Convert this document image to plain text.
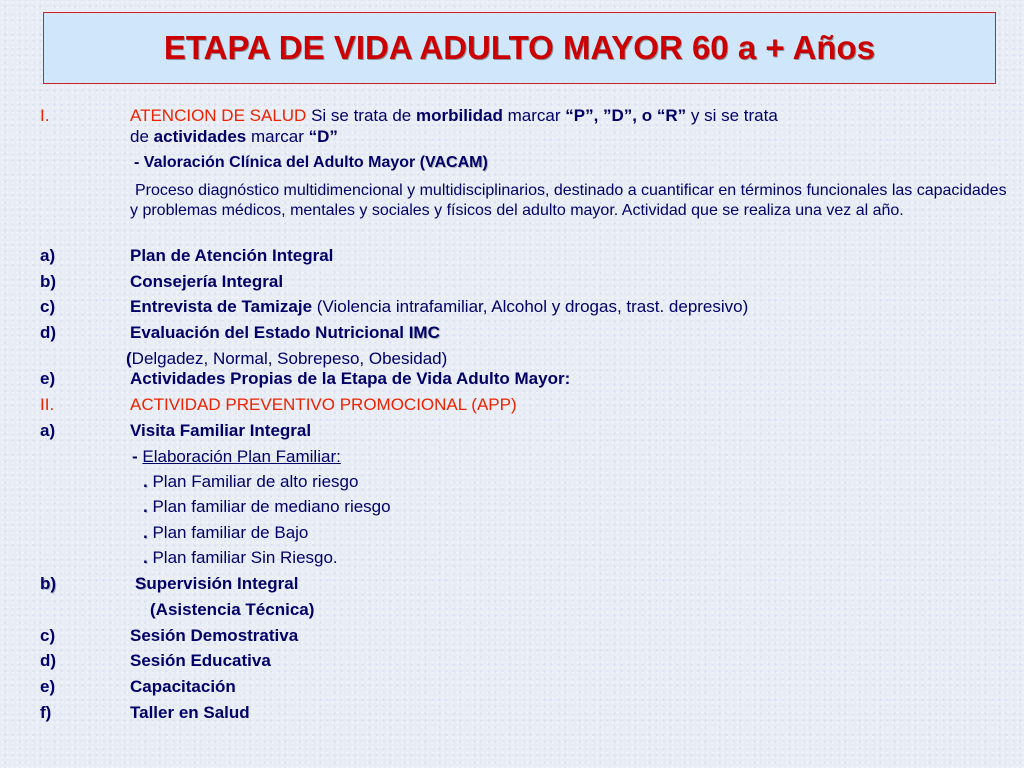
ETAPA DE VIDA ADULTO MAYOR 60 a + Años
I.	ATENCION DE SALUD Si se trata de morbilidad marcar “P”, ”D”, o “R” y si se trata
de actividades marcar “D”
- Valoración Clínica del Adulto Mayor (VACAM)
Proceso diagnóstico multidimencional y multidisciplinarios, destinado a cuantificar en términos funcionales las capacidades y problemas médicos, mentales y sociales y físicos del adulto mayor. Actividad que se realiza una vez al año.
a)	Plan de Atención Integral
b)	Consejería Integral
c)	Entrevista de Tamizaje (Violencia intrafamiliar, Alcohol y drogas, trast. depresivo)
d)	Evaluación del Estado Nutricional IMC
(Delgadez, Normal, Sobrepeso, Obesidad)
e)	Actividades Propias de la Etapa de Vida Adulto Mayor:
II.	ACTIVIDAD PREVENTIVO PROMOCIONAL (APP)
a)	Visita Familiar Integral
- Elaboración Plan Familiar:
. Plan Familiar de alto riesgo
. Plan familiar de mediano riesgo
. Plan familiar de Bajo
. Plan familiar Sin Riesgo.
b)	Supervisión Integral
(Asistencia Técnica)
c)	Sesión Demostrativa
d)	Sesión Educativa
e)	Capacitación
f)	Taller en Salud
